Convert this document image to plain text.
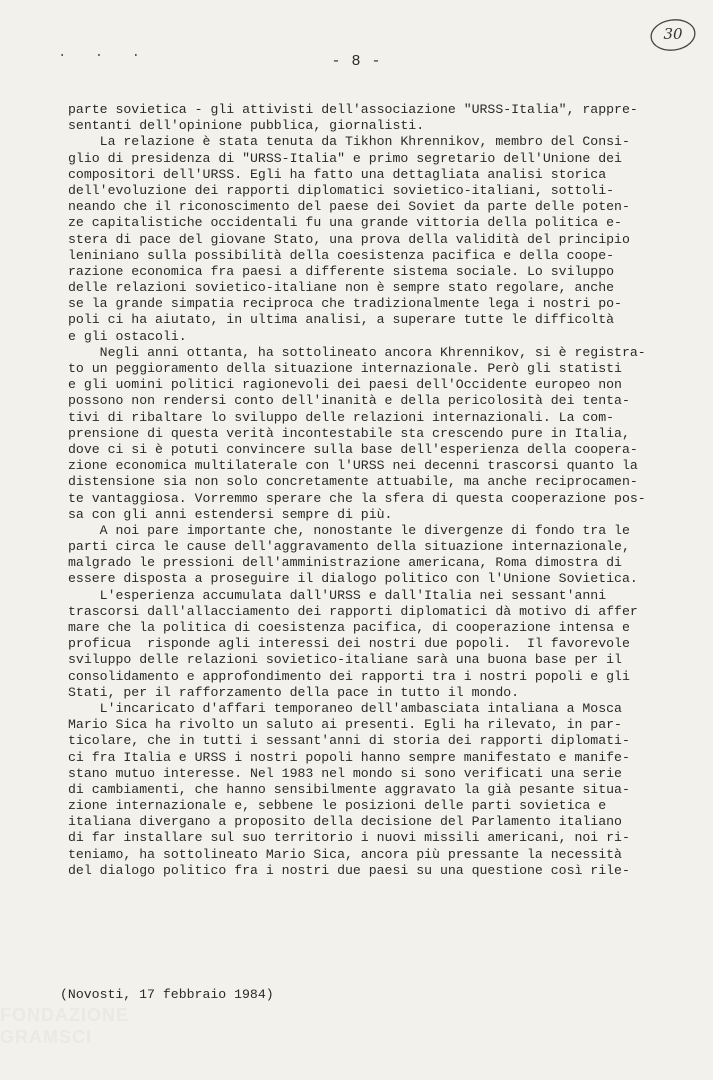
. . .	- 8 -
30
parte sovietica - gli attivisti dell'associazione "URSS-Italia", rappre-
sentanti dell'opinione pubblica, giornalisti.
La relazione è stata tenuta da Tikhon Khrennikov, membro del Consi-
glio di presidenza di "URSS-Italia" e primo segretario dell'Unione dei
compositori dell'URSS. Egli ha fatto una dettagliata analisi storica
dell'evoluzione dei rapporti diplomatici sovietico-italiani, sottoli-
neando che il riconoscimento del paese dei Soviet da parte delle poten-
ze capitalistiche occidentali fu una grande vittoria della politica e-
stera di pace del giovane Stato, una prova della validità del principio
leniniano sulla possibilità della coesistenza pacifica e della coope-
razione economica fra paesi a differente sistema sociale. Lo sviluppo
delle relazioni sovietico-italiane non è sempre stato regolare, anche
se la grande simpatia reciproca che tradizionalmente lega i nostri po-
poli ci ha aiutato, in ultima analisi, a superare tutte le difficoltà
e gli ostacoli.
Negli anni ottanta, ha sottolineato ancora Khrennikov, si è registra-
to un peggioramento della situazione internazionale. Però gli statisti
e gli uomini politici ragionevoli dei paesi dell'Occidente europeo non
possono non rendersi conto dell'inanità e della pericolosità dei tenta-
tivi di ribaltare lo sviluppo delle relazioni internazionali. La com-
prensione di questa verità incontestabile sta crescendo pure in Italia,
dove ci si è potuti convincere sulla base dell'esperienza della coopera-
zione economica multilaterale con l'URSS nei decenni trascorsi quanto la
distensione sia non solo concretamente attuabile, ma anche reciprocamen-
te vantaggiosa. Vorremmo sperare che la sfera di questa cooperazione pos-
sa con gli anni estendersi sempre di più.
A noi pare importante che, nonostante le divergenze di fondo tra le
parti circa le cause dell'aggravamento della situazione internazionale,
malgrado le pressioni dell'amministrazione americana, Roma dimostra di
essere disposta a proseguire il dialogo politico con l'Unione Sovietica.
L'esperienza accumulata dall'URSS e dall'Italia nei sessant'anni
trascorsi dall'allacciamento dei rapporti diplomatici dà motivo di affer
mare che la politica di coesistenza pacifica, di cooperazione intensa e
proficua  risponde agli interessi dei nostri due popoli.  Il favorevole
sviluppo delle relazioni sovietico-italiane sarà una buona base per il
consolidamento e approfondimento dei rapporti tra i nostri popoli e gli
Stati, per il rafforzamento della pace in tutto il mondo.
L'incaricato d'affari temporaneo dell'ambasciata intaliana a Mosca
Mario Sica ha rivolto un saluto ai presenti. Egli ha rilevato, in par-
ticolare, che in tutti i sessant'anni di storia dei rapporti diplomati-
ci fra Italia e URSS i nostri popoli hanno sempre manifestato e manife-
stano mutuo interesse. Nel 1983 nel mondo si sono verificati una serie
di cambiamenti, che hanno sensibilmente aggravato la già pesante situa-
zione internazionale e, sebbene le posizioni delle parti sovietica e
italiana divergano a proposito della decisione del Parlamento italiano
di far installare sul suo territorio i nuovi missili americani, noi ri-
teniamo, ha sottolineato Mario Sica, ancora più pressante la necessità
del dialogo politico fra i nostri due paesi su una questione così rile-
(Novosti, 17 febbraio 1984)
FONDAZIONE
GRAMSCI
